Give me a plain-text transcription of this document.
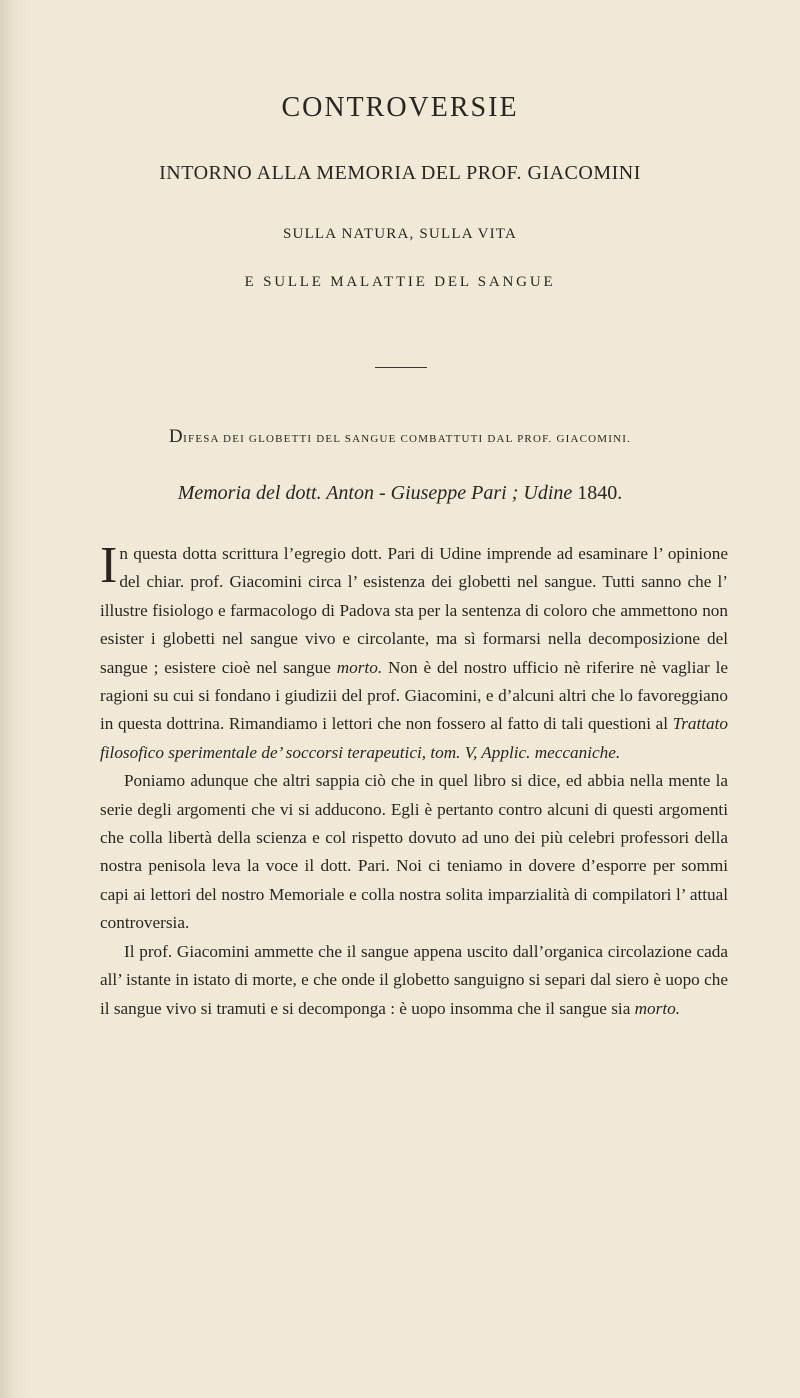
CONTROVERSIE
INTORNO ALLA MEMORIA DEL PROF. GIACOMINI
SULLA NATURA, SULLA VITA
E SULLE MALATTIE DEL SANGUE
DIFESA DEI GLOBETTI DEL SANGUE COMBATTUTI DAL PROF. GIACOMINI.
Memoria del dott. Anton - Giuseppe Pari ; Udine 1840.

In questa dotta scrittura l’egregio dott. Pari di Udine imprende ad esaminare l’ opinione del chiar. prof. Giacomini circa l’ esistenza dei globetti nel sangue. Tutti sanno che l’ illustre fisiologo e farmacologo di Padova sta per la sentenza di coloro che ammettono non esister i globetti nel sangue vivo e circolante, ma sì formarsi nella decomposizione del sangue ; esistere cioè nel sangue morto. Non è del nostro ufficio nè riferire nè vagliar le ragioni su cui si fondano i giudizii del prof. Giacomini, e d’alcuni altri che lo favoreggiano in questa dottrina. Rimandiamo i lettori che non fossero al fatto di tali questioni al Trattato filosofico sperimentale de’ soccorsi terapeutici, tom. V, Applic. meccaniche.

Poniamo adunque che altri sappia ciò che in quel libro si dice, ed abbia nella mente la serie degli argomenti che vi si adducono. Egli è pertanto contro alcuni di questi argomenti che colla libertà della scienza e col rispetto dovuto ad uno dei più celebri professori della nostra penisola leva la voce il dott. Pari. Noi ci teniamo in dovere d’esporre per sommi capi ai lettori del nostro Memoriale e colla nostra solita imparzialità di compilatori l’ attual controversia.

Il prof. Giacomini ammette che il sangue appena uscito dall’organica circolazione cada all’ istante in istato di morte, e che onde il globetto sanguigno si separi dal siero è uopo che il sangue vivo si tramuti e si decomponga : è uopo insomma che il sangue sia morto.
